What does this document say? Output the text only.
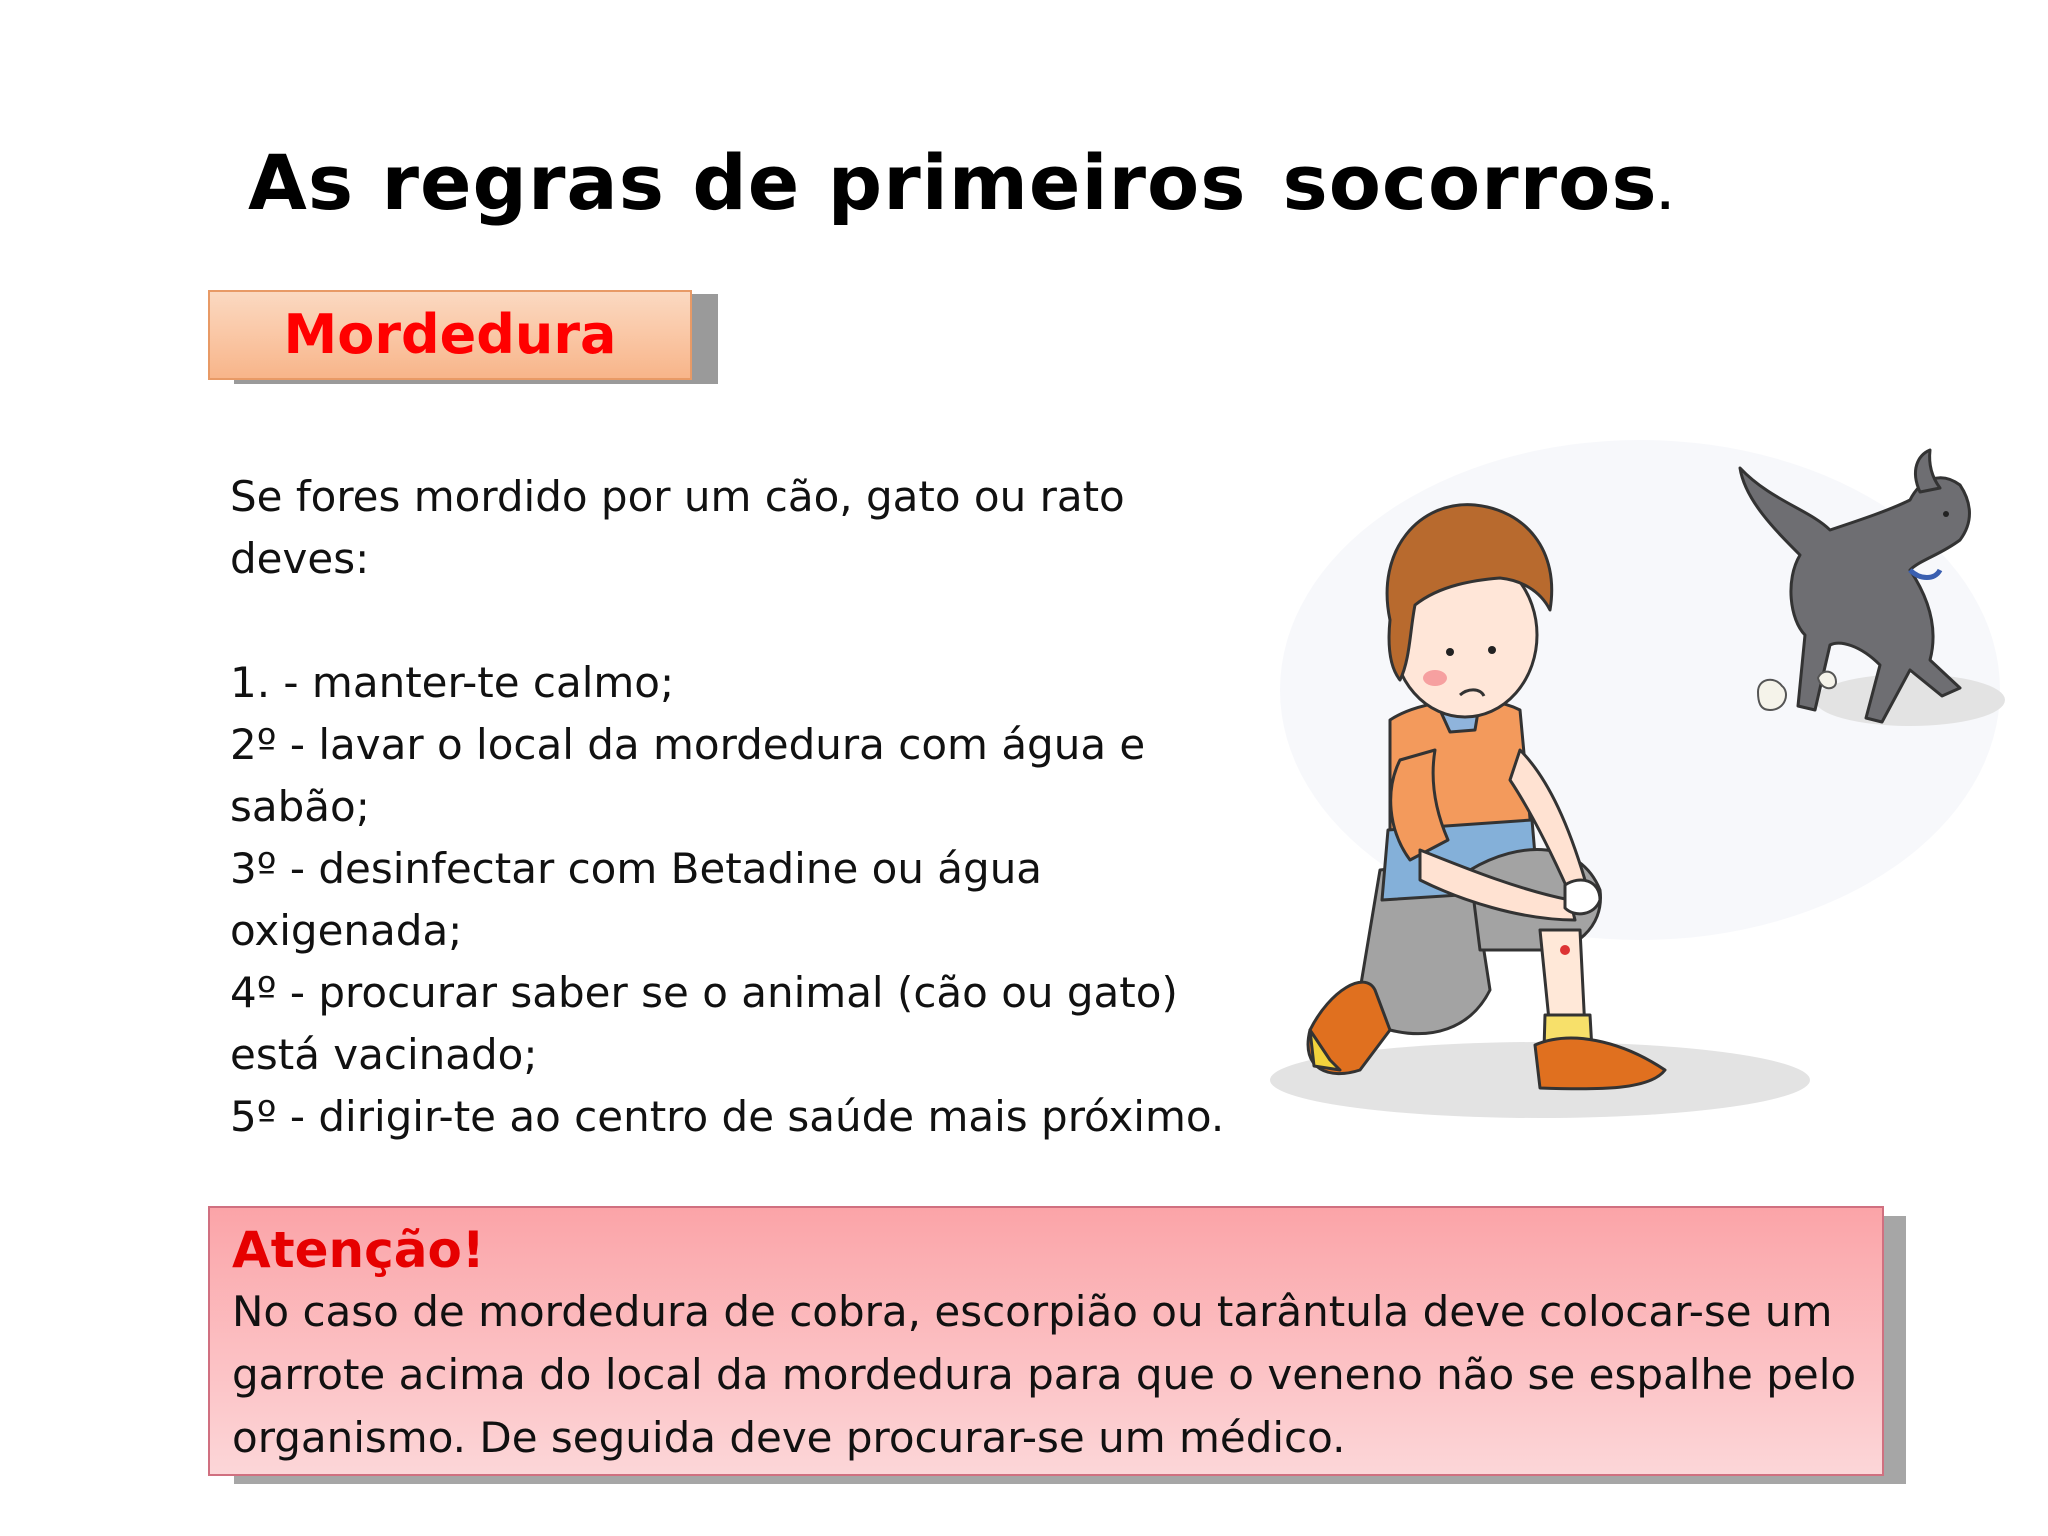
As regras de primeiros socorros.
Mordedura

Se fores mordido por um cão, gato ou rato deves:

1. - manter-te calmo;

2º - lavar o local da mordedura com água e sabão;

3º - desinfectar com Betadine ou água oxigenada;

4º - procurar saber se o animal (cão ou gato) está vacinado;

5º - dirigir-te ao centro de saúde mais próximo.

Atenção!

No caso de mordedura de cobra, escorpião ou tarântula deve colocar-se um garrote acima do local da mordedura para que o veneno não se espalhe pelo organismo. De seguida deve procurar-se um médico.
